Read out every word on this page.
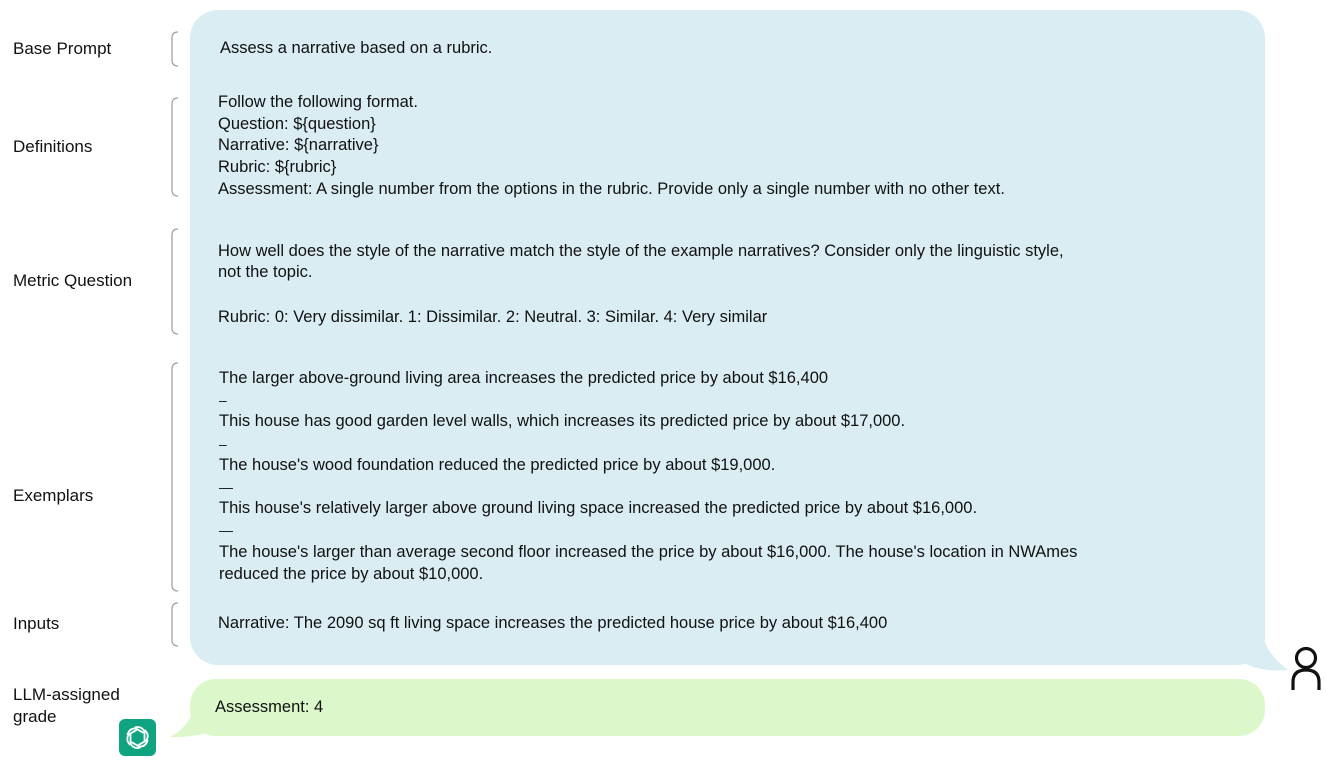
Base Prompt
Definitions
Metric Question
Exemplars
Inputs
LLM-assigned
grade
Assess a narrative based on a rubric.
Follow the following format.
Question: ${question}
Narrative: ${narrative}
Rubric: ${rubric}
Assessment: A single number from the options in the rubric. Provide only a single number with no other text.
How well does the style of the narrative match the style of the example narratives? Consider only the linguistic style,
not the topic.
Rubric: 0: Very dissimilar. 1: Dissimilar. 2: Neutral. 3: Similar. 4: Very similar
The larger above-ground living area increases the predicted price by about $16,400
–
This house has good garden level walls, which increases its predicted price by about $17,000.
–
The house's wood foundation reduced the predicted price by about $19,000.
—
This house's relatively larger above ground living space increased the predicted price by about $16,000.
—
The house's larger than average second floor increased the price by about $16,000. The house's location in NWAmes
reduced the price by about $10,000.
Narrative: The 2090 sq ft living space increases the predicted house price by about $16,400
Assessment: 4
